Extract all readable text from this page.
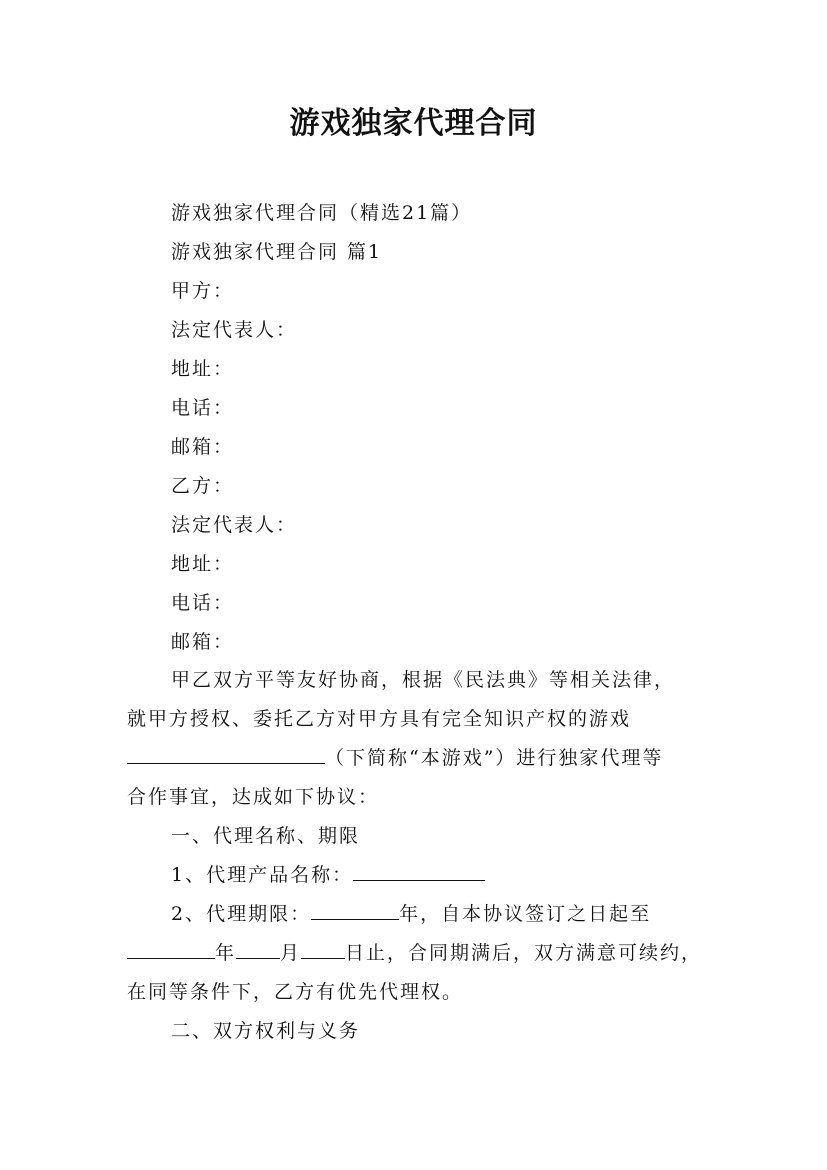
游戏独家代理合同
游戏独家代理合同（精选21篇）
游戏独家代理合同 篇1
甲方：
法定代表人：
地址：
电话：
邮箱：
乙方：
法定代表人：
地址：
电话：
邮箱：
甲乙双方平等友好协商，根据《民法典》等相关法律，
就甲方授权、委托乙方对甲方具有完全知识产权的游戏
（下简称“本游戏”）进行独家代理等
合作事宜，达成如下协议：
一、代理名称、期限
1、代理产品名称：
2、代理期限：	年，自本协议签订之日起至
年 月 日止，合同期满后，双方满意可续约，
在同等条件下，乙方有优先代理权。
二、双方权利与义务
